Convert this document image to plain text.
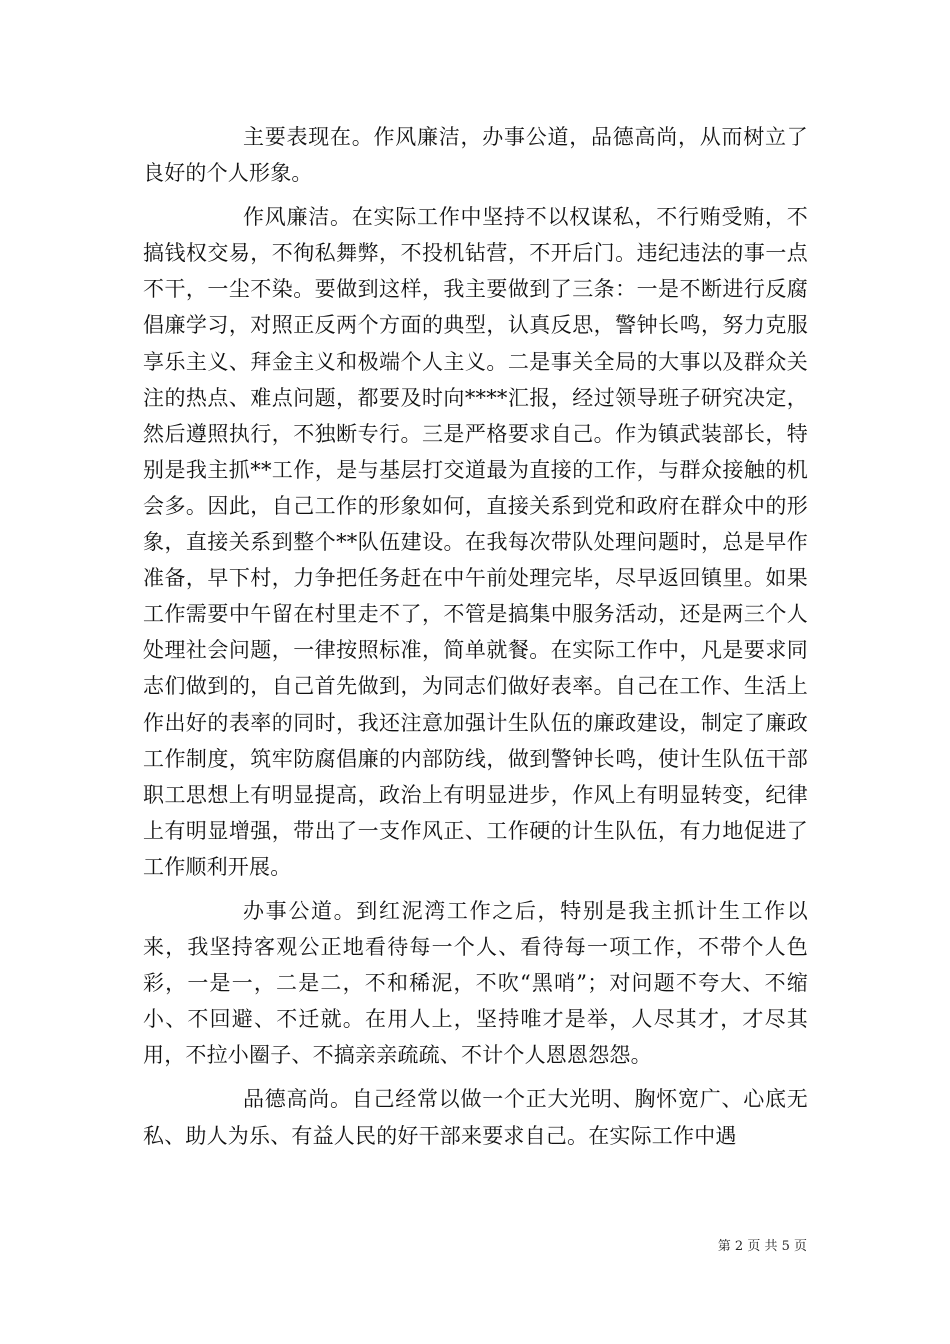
主要表现在。作风廉洁，办事公道，品德高尚，从而树立了良好的个人形象。

作风廉洁。在实际工作中坚持不以权谋私，不行贿受贿，不搞钱权交易，不徇私舞弊，不投机钻营，不开后门。违纪违法的事一点不干，一尘不染。要做到这样，我主要做到了三条：一是不断进行反腐倡廉学习，对照正反两个方面的典型，认真反思，警钟长鸣，努力克服享乐主义、拜金主义和极端个人主义。二是事关全局的大事以及群众关注的热点、难点问题，都要及时向****汇报，经过领导班子研究决定，然后遵照执行，不独断专行。三是严格要求自己。作为镇武装部长，特别是我主抓**工作，是与基层打交道最为直接的工作，与群众接触的机会多。因此，自己工作的形象如何，直接关系到党和政府在群众中的形象，直接关系到整个**队伍建设。在我每次带队处理问题时，总是早作准备，早下村，力争把任务赶在中午前处理完毕，尽早返回镇里。如果工作需要中午留在村里走不了，不管是搞集中服务活动，还是两三个人处理社会问题，一律按照标准，简单就餐。在实际工作中，凡是要求同志们做到的，自己首先做到，为同志们做好表率。自己在工作、生活上作出好的表率的同时，我还注意加强计生队伍的廉政建设，制定了廉政工作制度，筑牢防腐倡廉的内部防线，做到警钟长鸣，使计生队伍干部职工思想上有明显提高，政治上有明显进步，作风上有明显转变，纪律上有明显增强，带出了一支作风正、工作硬的计生队伍，有力地促进了工作顺利开展。

办事公道。到红泥湾工作之后，特别是我主抓计生工作以来，我坚持客观公正地看待每一个人、看待每一项工作，不带个人色彩，一是一，二是二，不和稀泥，不吹“黑哨”；对问题不夸大、不缩小、不回避、不迁就。在用人上，坚持唯才是举，人尽其才，才尽其用，不拉小圈子、不搞亲亲疏疏、不计个人恩恩怨怨。

品德高尚。自己经常以做一个正大光明、胸怀宽广、心底无私、助人为乐、有益人民的好干部来要求自己。在实际工作中遇

第 2 页 共 5 页
